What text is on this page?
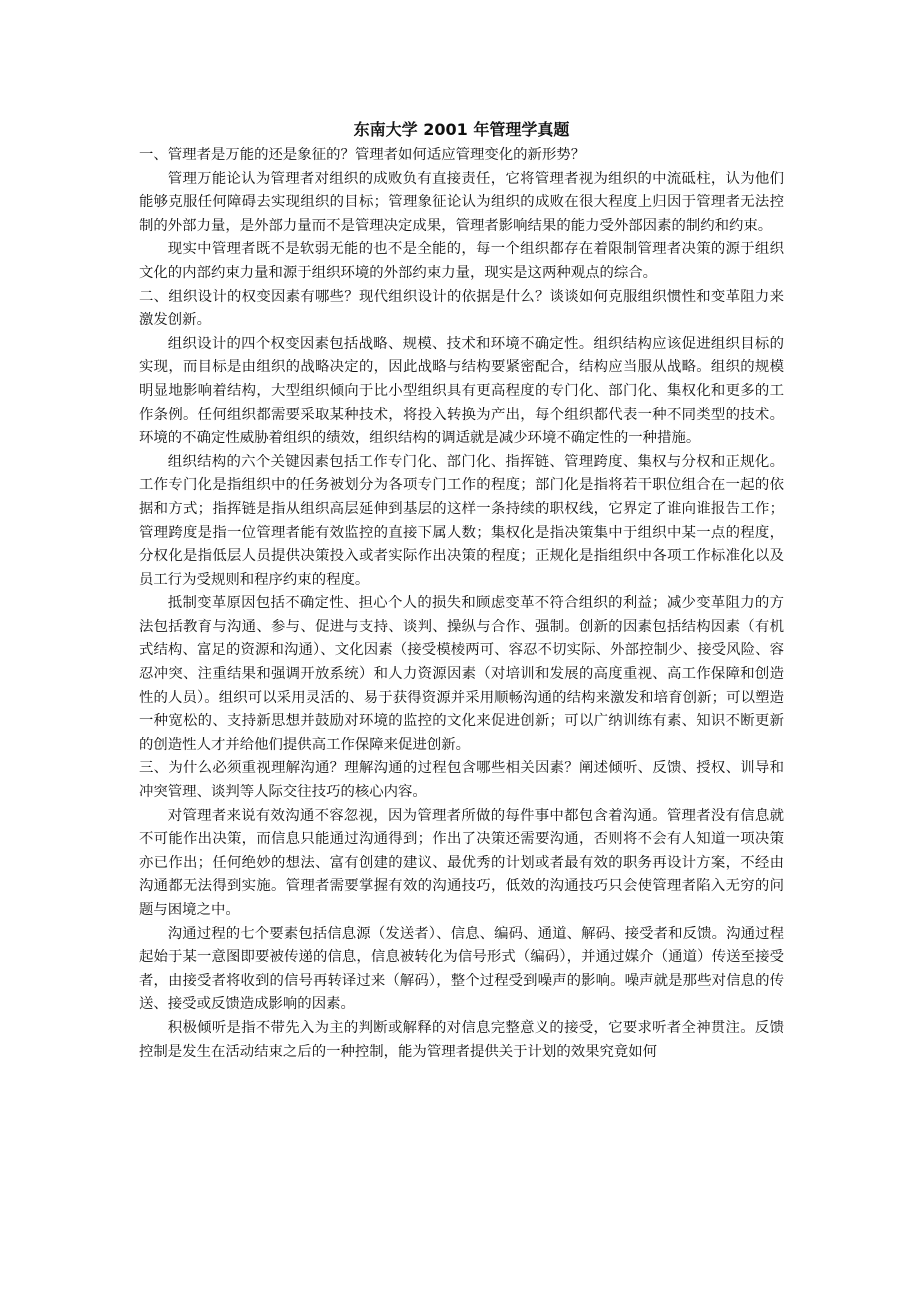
东南大学 2001 年管理学真题

一、管理者是万能的还是象征的？管理者如何适应管理变化的新形势？

管理万能论认为管理者对组织的成败负有直接责任，它将管理者视为组织的中流砥柱，认为他们能够克服任何障碍去实现组织的目标；管理象征论认为组织的成败在很大程度上归因于管理者无法控制的外部力量，是外部力量而不是管理决定成果，管理者影响结果的能力受外部因素的制约和约束。

现实中管理者既不是软弱无能的也不是全能的，每一个组织都存在着限制管理者决策的源于组织文化的内部约束力量和源于组织环境的外部约束力量，现实是这两种观点的综合。

二、组织设计的权变因素有哪些？现代组织设计的依据是什么？谈谈如何克服组织惯性和变革阻力来激发创新。

组织设计的四个权变因素包括战略、规模、技术和环境不确定性。组织结构应该促进组织目标的实现，而目标是由组织的战略决定的，因此战略与结构要紧密配合，结构应当服从战略。组织的规模明显地影响着结构，大型组织倾向于比小型组织具有更高程度的专门化、部门化、集权化和更多的工作条例。任何组织都需要采取某种技术，将投入转换为产出，每个组织都代表一种不同类型的技术。环境的不确定性威胁着组织的绩效，组织结构的调适就是减少环境不确定性的一种措施。

组织结构的六个关键因素包括工作专门化、部门化、指挥链、管理跨度、集权与分权和正规化。工作专门化是指组织中的任务被划分为各项专门工作的程度；部门化是指将若干职位组合在一起的依据和方式；指挥链是指从组织高层延伸到基层的这样一条持续的职权线，它界定了谁向谁报告工作；管理跨度是指一位管理者能有效监控的直接下属人数；集权化是指决策集中于组织中某一点的程度，分权化是指低层人员提供决策投入或者实际作出决策的程度；正规化是指组织中各项工作标准化以及员工行为受规则和程序约束的程度。

抵制变革原因包括不确定性、担心个人的损失和顾虑变革不符合组织的利益；减少变革阻力的方法包括教育与沟通、参与、促进与支持、谈判、操纵与合作、强制。创新的因素包括结构因素（有机式结构、富足的资源和沟通）、文化因素（接受模棱两可、容忍不切实际、外部控制少、接受风险、容忍冲突、注重结果和强调开放系统）和人力资源因素（对培训和发展的高度重视、高工作保障和创造性的人员）。组织可以采用灵活的、易于获得资源并采用顺畅沟通的结构来激发和培育创新；可以塑造一种宽松的、支持新思想并鼓励对环境的监控的文化来促进创新；可以广纳训练有素、知识不断更新的创造性人才并给他们提供高工作保障来促进创新。

三、为什么必须重视理解沟通？理解沟通的过程包含哪些相关因素？阐述倾听、反馈、授权、训导和冲突管理、谈判等人际交往技巧的核心内容。

对管理者来说有效沟通不容忽视，因为管理者所做的每件事中都包含着沟通。管理者没有信息就不可能作出决策，而信息只能通过沟通得到；作出了决策还需要沟通，否则将不会有人知道一项决策亦已作出；任何绝妙的想法、富有创建的建议、最优秀的计划或者最有效的职务再设计方案，不经由沟通都无法得到实施。管理者需要掌握有效的沟通技巧，低效的沟通技巧只会使管理者陷入无穷的问题与困境之中。

沟通过程的七个要素包括信息源（发送者）、信息、编码、通道、解码、接受者和反馈。沟通过程起始于某一意图即要被传递的信息，信息被转化为信号形式（编码），并通过媒介（通道）传送至接受者，由接受者将收到的信号再转译过来（解码），整个过程受到噪声的影响。噪声就是那些对信息的传送、接受或反馈造成影响的因素。

积极倾听是指不带先入为主的判断或解释的对信息完整意义的接受，它要求听者全神贯注。反馈控制是发生在活动结束之后的一种控制，能为管理者提供关于计划的效果究竟如何
